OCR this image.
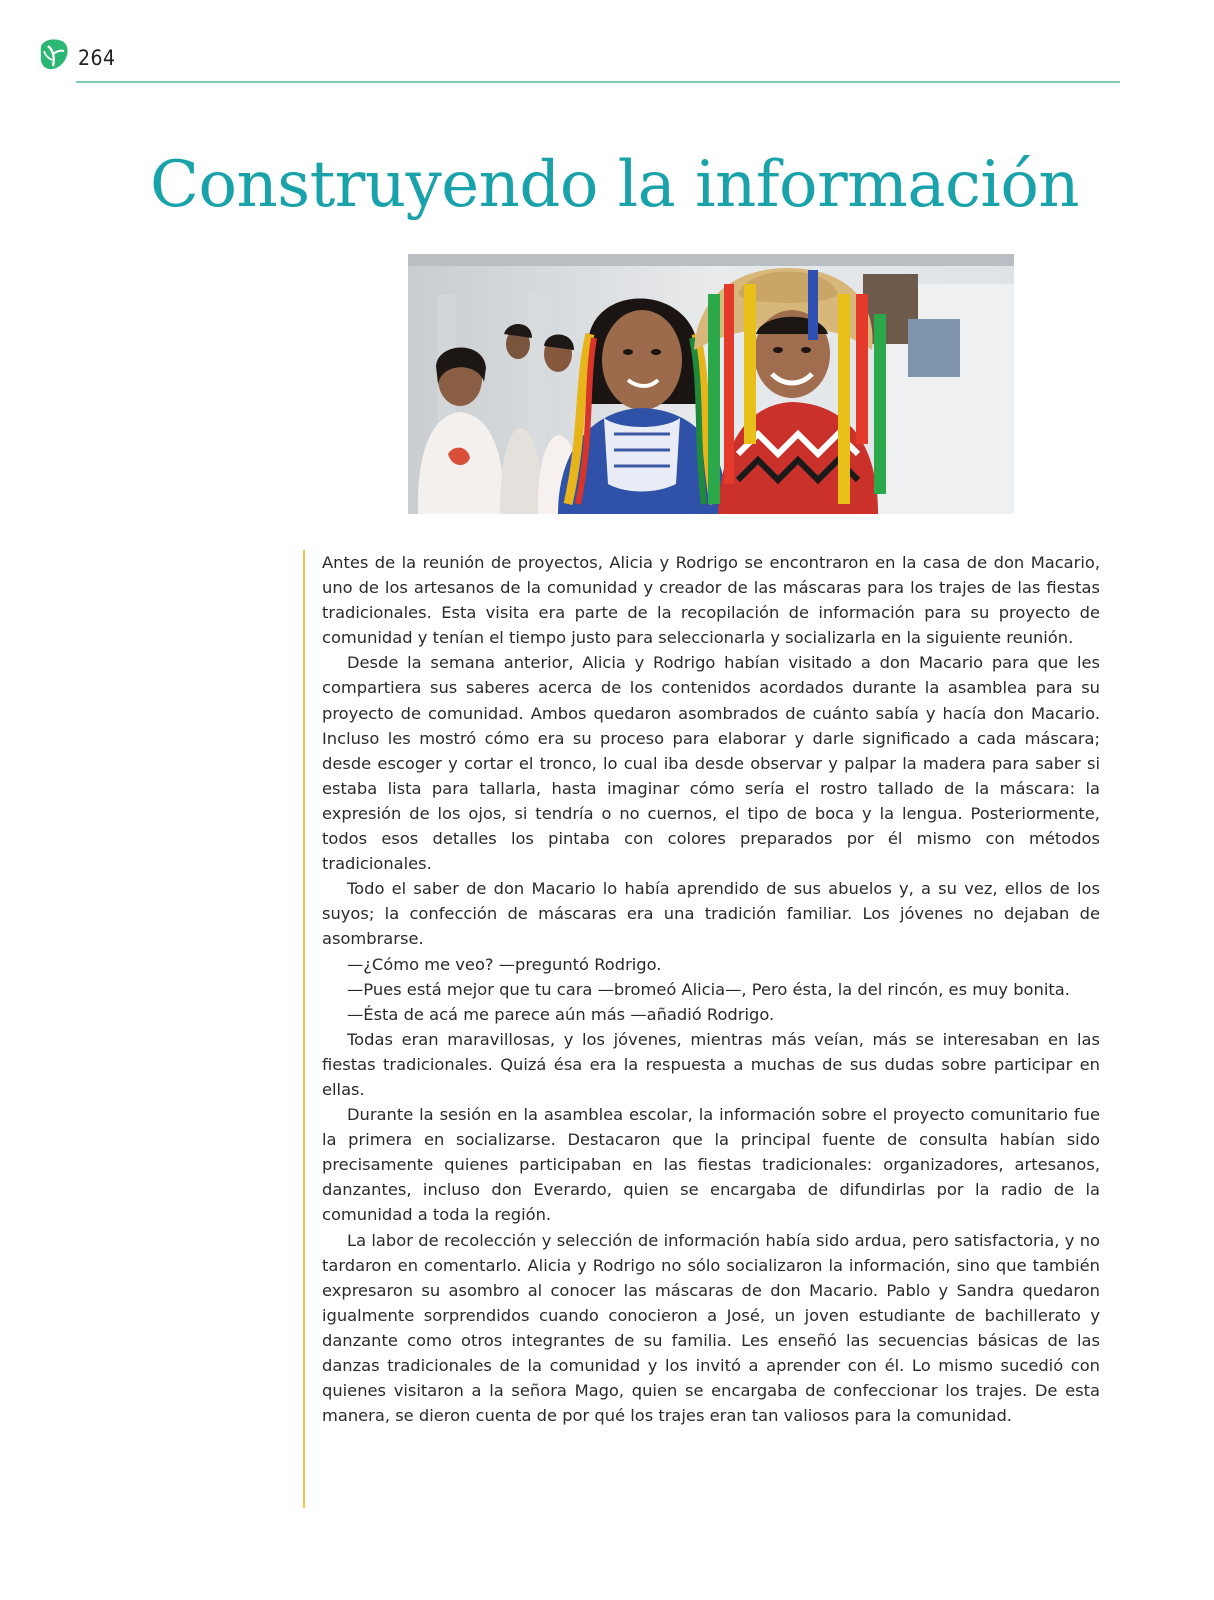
264
Construyendo la información

Antes de la reunión de proyectos, Alicia y Rodrigo se encontraron en la casa de don Macario, uno de los artesanos de la comunidad y creador de las máscaras para los trajes de las fiestas tradicionales. Esta visita era parte de la recopilación de información para su proyecto de comunidad y tenían el tiempo justo para seleccionarla y socializarla en la siguiente reunión.

Desde la semana anterior, Alicia y Rodrigo habían visitado a don Macario para que les compartiera sus saberes acerca de los contenidos acordados durante la asamblea para su proyecto de comunidad. Ambos quedaron asombrados de cuánto sabía y hacía don Macario. Incluso les mostró cómo era su proceso para elaborar y darle significado a cada máscara; desde escoger y cortar el tronco, lo cual iba desde observar y palpar la madera para saber si estaba lista para tallarla, hasta imaginar cómo sería el rostro tallado de la máscara: la expresión de los ojos, si tendría o no cuernos, el tipo de boca y la lengua. Posteriormente, todos esos detalles los pintaba con colores preparados por él mismo con métodos tradicionales.

Todo el saber de don Macario lo había aprendido de sus abuelos y, a su vez, ellos de los suyos; la confección de máscaras era una tradición familiar. Los jóvenes no dejaban de asombrarse.

—¿Cómo me veo? —preguntó Rodrigo.

—Pues está mejor que tu cara —bromeó Alicia—, Pero ésta, la del rincón, es muy bonita.

—Ésta de acá me parece aún más —añadió Rodrigo.

Todas eran maravillosas, y los jóvenes, mientras más veían, más se interesaban en las fiestas tradicionales. Quizá ésa era la respuesta a muchas de sus dudas sobre participar en ellas.

Durante la sesión en la asamblea escolar, la información sobre el proyecto comunitario fue la primera en socializarse. Destacaron que la principal fuente de consulta habían sido precisamente quienes participaban en las fiestas tradicionales: organizadores, artesanos, danzantes, incluso don Everardo, quien se encargaba de difundirlas por la radio de la comunidad a toda la región.

La labor de recolección y selección de información había sido ardua, pero satisfactoria, y no tardaron en comentarlo. Alicia y Rodrigo no sólo socializaron la información, sino que también expresaron su asombro al conocer las máscaras de don Macario. Pablo y Sandra quedaron igualmente sorprendidos cuando conocieron a José, un joven estudiante de bachillerato y danzante como otros integrantes de su familia. Les enseñó las secuencias básicas de las danzas tradicionales de la comunidad y los invitó a aprender con él. Lo mismo sucedió con quienes visitaron a la señora Mago, quien se encargaba de confeccionar los trajes. De esta manera, se dieron cuenta de por qué los trajes eran tan valiosos para la comunidad.
